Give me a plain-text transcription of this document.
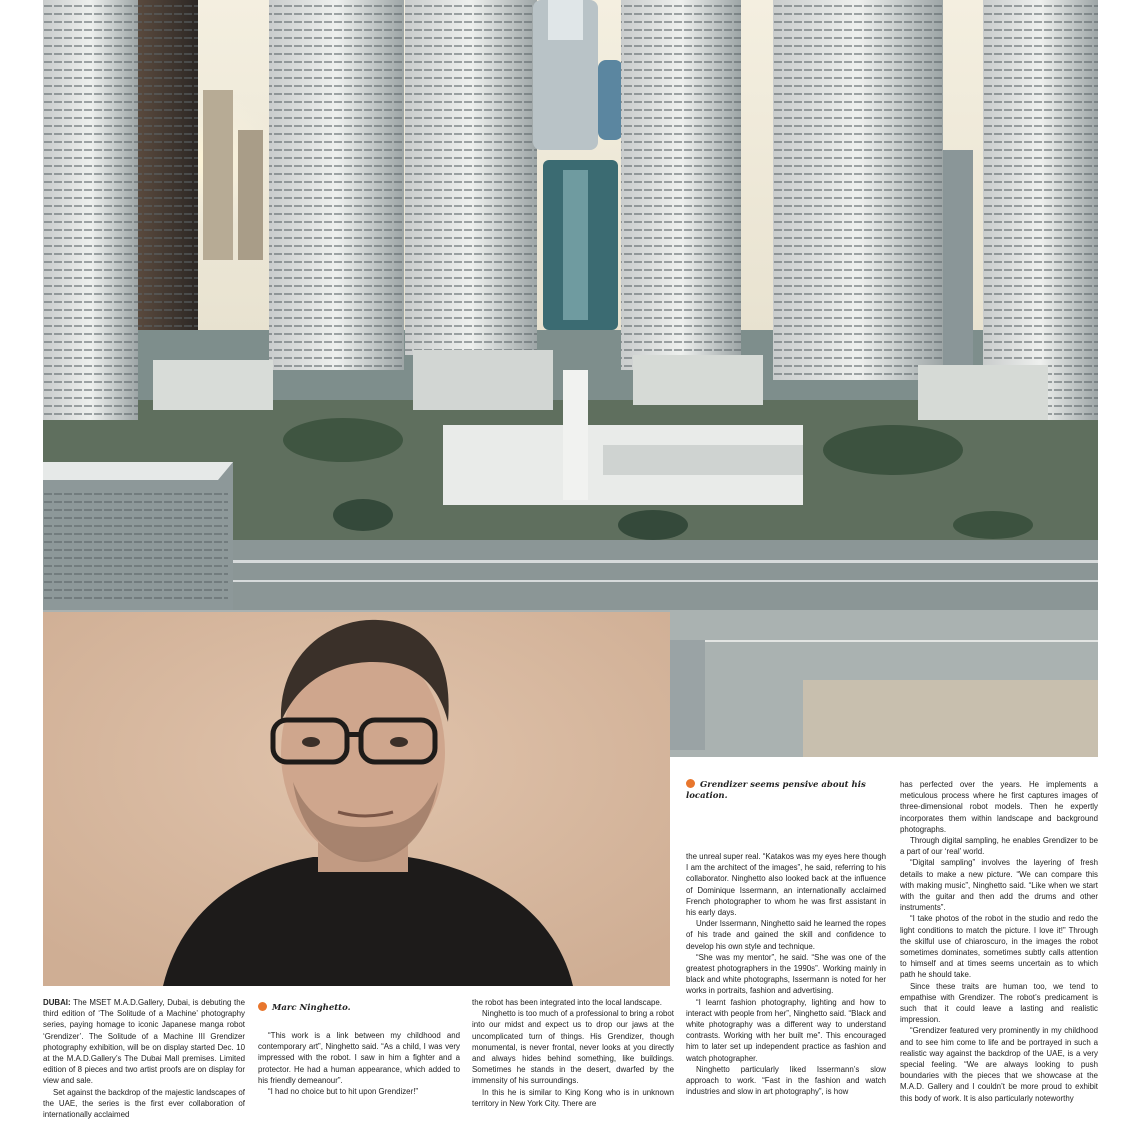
Grendizer seems pensive about his location.
Marc Ninghetto.

DUBAI: The MSET M.A.D.Gallery, Dubai, is debuting the third edition of ‘The Solitude of a Machine’ photography series, paying homage to iconic Japanese manga robot ‘Grendizer’. The Solitude of a Machine III Grendizer photography exhibition, will be on display started Dec. 10 at the M.A.D.Gallery’s The Dubai Mall premises. Limited edition of 8 pieces and two artist proofs are on display for view and sale.

Set against the backdrop of the majestic landscapes of the UAE, the series is the first ever collaboration of internationally acclaimed

“This work is a link between my childhood and contemporary art”, Ninghetto said. “As a child, I was very impressed with the robot. I saw in him a fighter and a protector. He had a human appearance, which added to his friendly demeanour”.

“I had no choice but to hit upon Grendizer!”

the robot has been integrated into the local landscape.

Ninghetto is too much of a professional to bring a robot into our midst and expect us to drop our jaws at the uncomplicated turn of things. His Grendizer, though monumental, is never frontal, never looks at you directly and always hides behind something, like buildings. Sometimes he stands in the desert, dwarfed by the immensity of his surroundings.

In this he is similar to King Kong who is in unknown territory in New York City. There are

the unreal super real. “Katakos was my eyes here though I am the architect of the images”, he said, referring to his collaborator. Ninghetto also looked back at the influence of Dominique Issermann, an internationally acclaimed French photographer to whom he was first assistant in his early days.

Under Issermann, Ninghetto said he learned the ropes of his trade and gained the skill and confidence to develop his own style and technique.

“She was my mentor”, he said. “She was one of the greatest photographers in the 1990s”. Working mainly in black and white photographs, Issermann is noted for her works in portraits, fashion and advertising.

“I learnt fashion photography, lighting and how to interact with people from her”, Ninghetto said. “Black and white photography was a different way to understand contrasts. Working with her built me”. This encouraged him to later set up independent practice as fashion and watch photographer.

Ninghetto particularly liked Issermann’s slow approach to work. “Fast in the fashion and watch industries and slow in art photography”, is how

has perfected over the years. He implements a meticulous process where he first captures images of three-dimensional robot models. Then he expertly incorporates them within landscape and background photographs.

Through digital sampling, he enables Grendizer to be a part of our ‘real’ world.

“Digital sampling” involves the layering of fresh details to make a new picture. “We can compare this with making music”, Ninghetto said. “Like when we start with the guitar and then add the drums and other instruments”.

“I take photos of the robot in the studio and redo the light conditions to match the picture. I love it!” Through the skilful use of chiaroscuro, in the images the robot sometimes dominates, sometimes subtly calls attention to himself and at times seems uncertain as to which path he should take.

Since these traits are human too, we tend to empathise with Grendizer. The robot’s predicament is such that it could leave a lasting and realistic impression.

“Grendizer featured very prominently in my childhood and to see him come to life and be portrayed in such a realistic way against the backdrop of the UAE, is a very special feeling. “We are always looking to push boundaries with the pieces that we showcase at the M.A.D. Gallery and I couldn’t be more proud to exhibit this body of work. It is also particularly noteworthy
